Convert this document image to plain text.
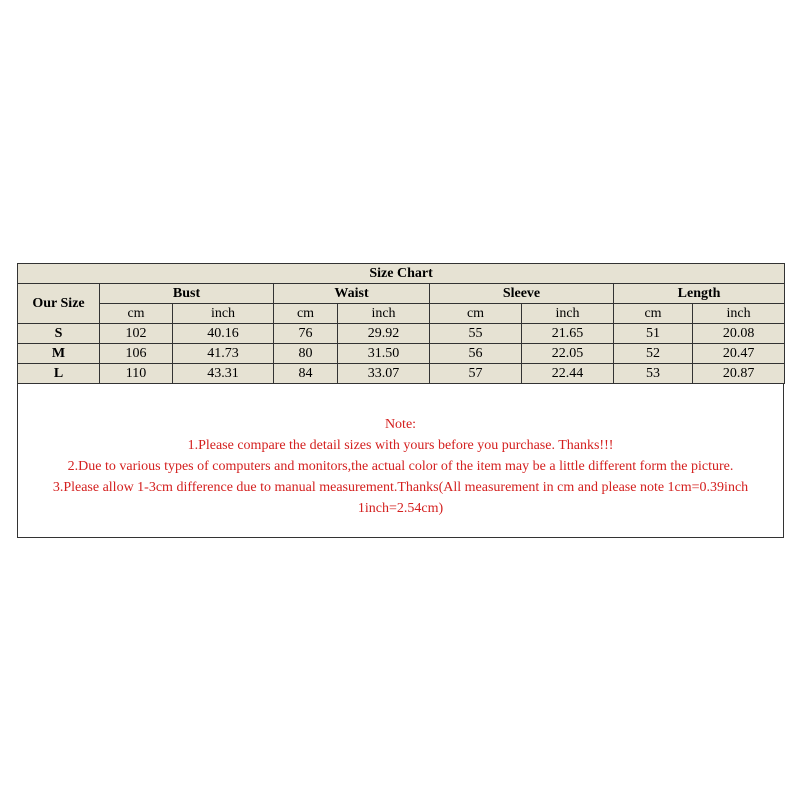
Size Chart								
Our Size	Bust		Waist		Sleeve		Length	
	cm	inch	cm	inch	cm	inch	cm	inch
S	102	40.16	76	29.92	55	21.65	51	20.08
M	106	41.73	80	31.50	56	22.05	52	20.47
L	110	43.31	84	33.07	57	22.44	53	20.87
Note:
1.Please compare the detail sizes with yours before you purchase. Thanks!!!
2.Due to various types of computers and monitors,the actual color of the item may be a little different form the picture.
3.Please allow 1-3cm difference due to manual measurement.Thanks(All measurement in cm and please note 1cm=0.39inch
1inch=2.54cm)
